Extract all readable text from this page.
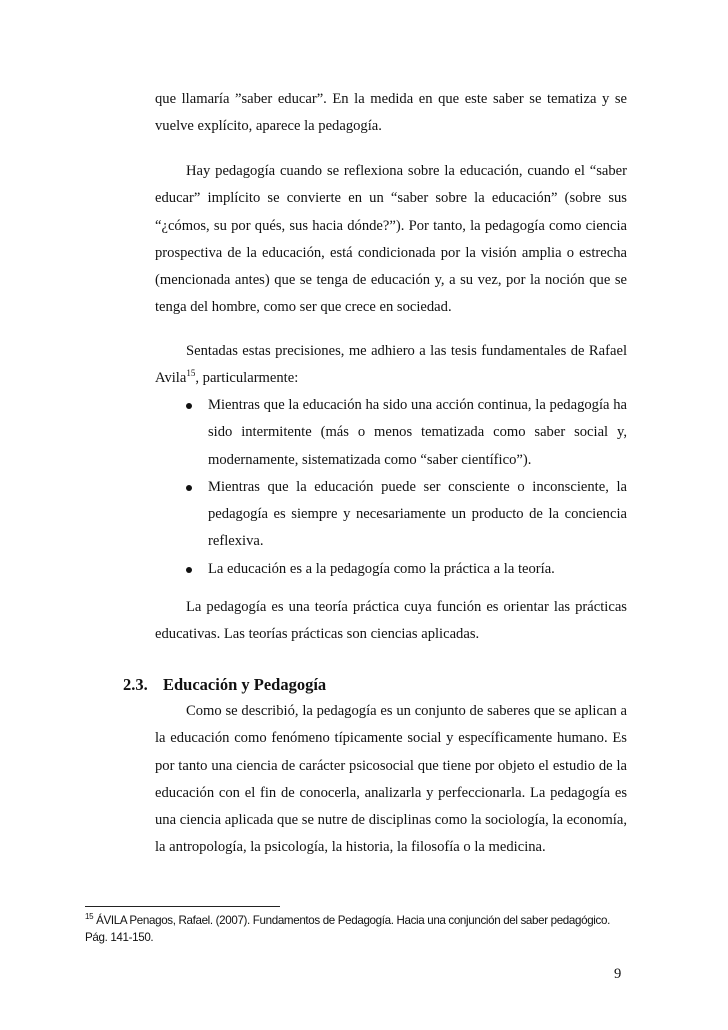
que llamaría ”saber educar”. En la medida en que este saber se tematiza y se vuelve explícito, aparece la pedagogía.

Hay pedagogía cuando se reflexiona sobre la educación, cuando el “saber educar” implícito se convierte en un “saber sobre la educación” (sobre sus “¿cómos, su por qués, sus hacia dónde?”). Por tanto, la pedagogía como ciencia prospectiva de la educación, está condicionada por la visión amplia o estrecha (mencionada antes) que se tenga de educación y, a su vez, por la noción que se tenga del hombre, como ser que crece en sociedad.

Sentadas estas precisiones, me adhiero a las tesis fundamentales de Rafael Avila$^{15}$, particularmente:

Mientras que la educación ha sido una acción continua, la pedagogía ha sido intermitente (más o menos tematizada como saber social y, modernamente, sistematizada como “saber científico”).
Mientras que la educación puede ser consciente o inconsciente, la pedagogía es siempre y necesariamente un producto de la conciencia reflexiva.
La educación es a la pedagogía como la práctica a la teoría.

La pedagogía es una teoría práctica cuya función es orientar las prácticas educativas. Las teorías prácticas son ciencias aplicadas.

2.3. Educación y Pedagogía

Como se describió, la pedagogía es un conjunto de saberes que se aplican a la educación como fenómeno típicamente social y específicamente humano. Es por tanto una ciencia de carácter psicosocial que tiene por objeto el estudio de la educación con el fin de conocerla, analizarla y perfeccionarla. La pedagogía es una ciencia aplicada que se nutre de disciplinas como la sociología, la economía, la antropología, la psicología, la historia, la filosofía o la medicina.

$^{15}$ ÁVILA Penagos, Rafael. (2007). Fundamentos de Pedagogía. Hacia una conjunción del saber pedagógico. Pág. 141-150.

9
